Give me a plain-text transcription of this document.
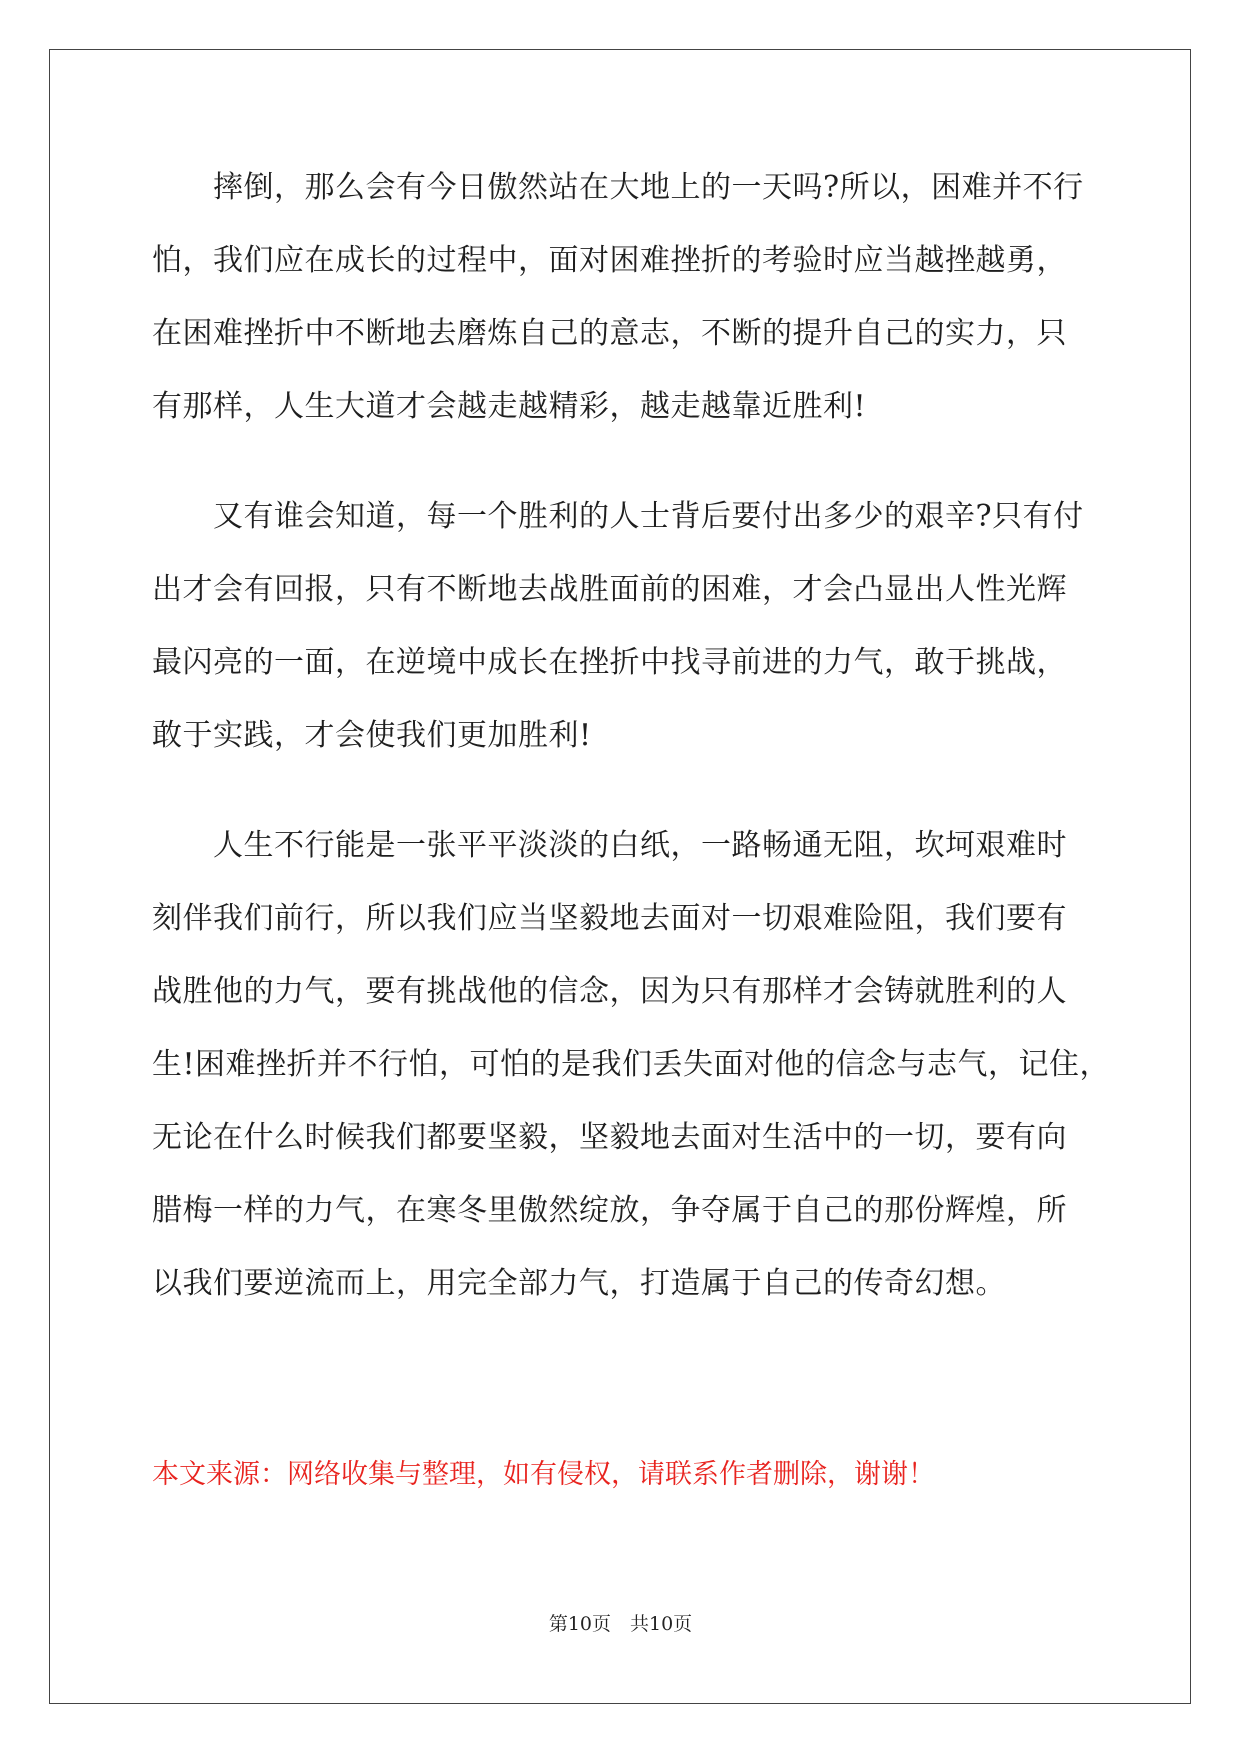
　　摔倒，那么会有今日傲然站在大地上的一天吗?所以，困难并不行

怕，我们应在成长的过程中，面对困难挫折的考验时应当越挫越勇，

在困难挫折中不断地去磨炼自己的意志，不断的提升自己的实力，只

有那样，人生大道才会越走越精彩，越走越靠近胜利!

　　又有谁会知道，每一个胜利的人士背后要付出多少的艰辛?只有付

出才会有回报，只有不断地去战胜面前的困难，才会凸显出人性光辉

最闪亮的一面，在逆境中成长在挫折中找寻前进的力气，敢于挑战，

敢于实践，才会使我们更加胜利!

　　人生不行能是一张平平淡淡的白纸，一路畅通无阻，坎坷艰难时

刻伴我们前行，所以我们应当坚毅地去面对一切艰难险阻，我们要有

战胜他的力气，要有挑战他的信念，因为只有那样才会铸就胜利的人

生!困难挫折并不行怕，可怕的是我们丢失面对他的信念与志气，记住，

无论在什么时候我们都要坚毅，坚毅地去面对生活中的一切，要有向

腊梅一样的力气，在寒冬里傲然绽放，争夺属于自己的那份辉煌，所

以我们要逆流而上，用完全部力气，打造属于自己的传奇幻想。

本文来源：网络收集与整理，如有侵权，请联系作者删除，谢谢！

第10页　共10页
